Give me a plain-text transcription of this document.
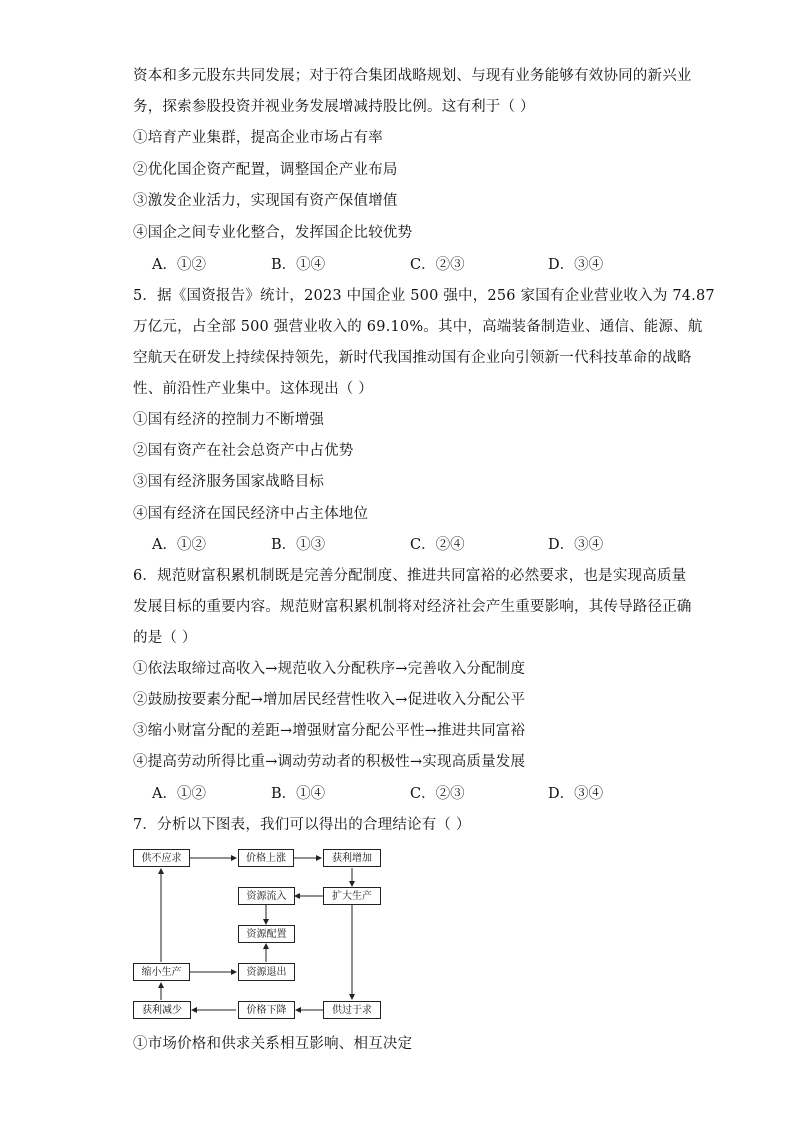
资本和多元股东共同发展；对于符合集团战略规划、与现有业务能够有效协同的新兴业
务，探索参股投资并视业务发展增减持股比例。这有利于（ ）
①培育产业集群，提高企业市场占有率
②优化国企资产配置，调整国企产业布局
③激发企业活力，实现国有资产保值增值
④国企之间专业化整合，发挥国企比较优势
A．①②	B．①④	C．②③	D．③④
5．据《国资报告》统计，2023 中国企业 500 强中，256 家国有企业营业收入为 74.87
万亿元，占全部 500 强营业收入的 69.10%。其中，高端装备制造业、通信、能源、航
空航天在研发上持续保持领先，新时代我国推动国有企业向引领新一代科技革命的战略
性、前沿性产业集中。这体现出（ ）
①国有经济的控制力不断增强
②国有资产在社会总资产中占优势
③国有经济服务国家战略目标
④国有经济在国民经济中占主体地位
A．①②	B．①③	C．②④	D．③④
6．规范财富积累机制既是完善分配制度、推进共同富裕的必然要求，也是实现高质量
发展目标的重要内容。规范财富积累机制将对经济社会产生重要影响，其传导路径正确
的是（ ）
①依法取缔过高收入→规范收入分配秩序→完善收入分配制度
②鼓励按要素分配→增加居民经营性收入→促进收入分配公平
③缩小财富分配的差距→增强财富分配公平性→推进共同富裕
④提高劳动所得比重→调动劳动者的积极性→实现高质量发展
A．①②	B．①④	C．②③	D．③④
7．分析以下图表，我们可以得出的合理结论有（ ）
供不应求	价格上涨	获利增加
资源流入	扩大生产
资源配置
缩小生产	资源退出
获利减少	价格下降	供过于求
①市场价格和供求关系相互影响、相互决定
